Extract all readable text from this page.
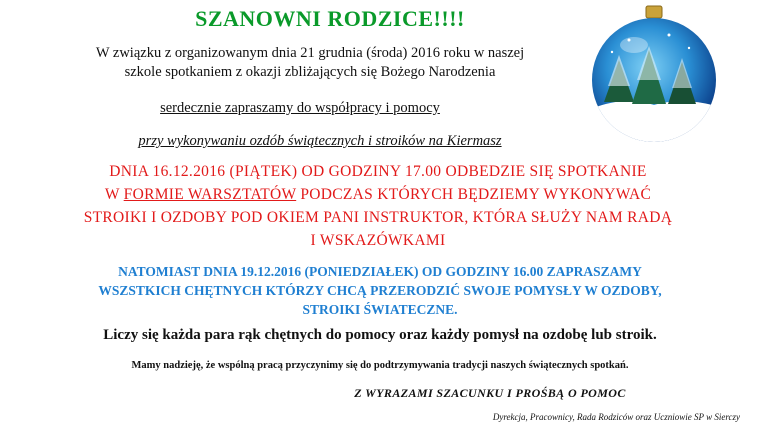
SZANOWNI RODZICE!!!!
W związku z organizowanym dnia 21 grudnia (środa) 2016 roku w naszej
szkole spotkaniem z okazji zbliżających się Bożego Narodzenia
serdecznie zapraszamy do współpracy i pomocy
przy wykonywaniu ozdób świątecznych i stroików na Kiermasz
DNIA 16.12.2016 (PIĄTEK) OD GODZINY 17.00 ODBEDZIE SIĘ SPOTKANIE
W FORMIE WARSZTATÓW PODCZAS KTÓRYCH BĘDZIEMY WYKONYWAĆ
STROIKI I OZDOBY POD OKIEM PANI INSTRUKTOR, KTÓRA SŁUŻY NAM RADĄ
I WSKAZÓWKAMI
NATOMIAST DNIA 19.12.2016 (PONIEDZIAŁEK) OD GODZINY 16.00 ZAPRASZAMY
WSZSTKICH CHĘTNYCH KTÓRZY CHCĄ PRZERODZIĆ SWOJE POMYSŁY W OZDOBY,
STROIKI ŚWIATECZNE.
Liczy się każda para rąk chętnych do pomocy oraz każdy pomysł na ozdobę lub stroik.
Mamy nadzieję, że wspólną pracą przyczynimy się do podtrzymywania tradycji naszych świątecznych spotkań.
Z WYRAZAMI SZACUNKU I PROŚBĄ O POMOC
Dyrekcja, Pracownicy, Rada Rodziców oraz Uczniowie SP w Sierczy
